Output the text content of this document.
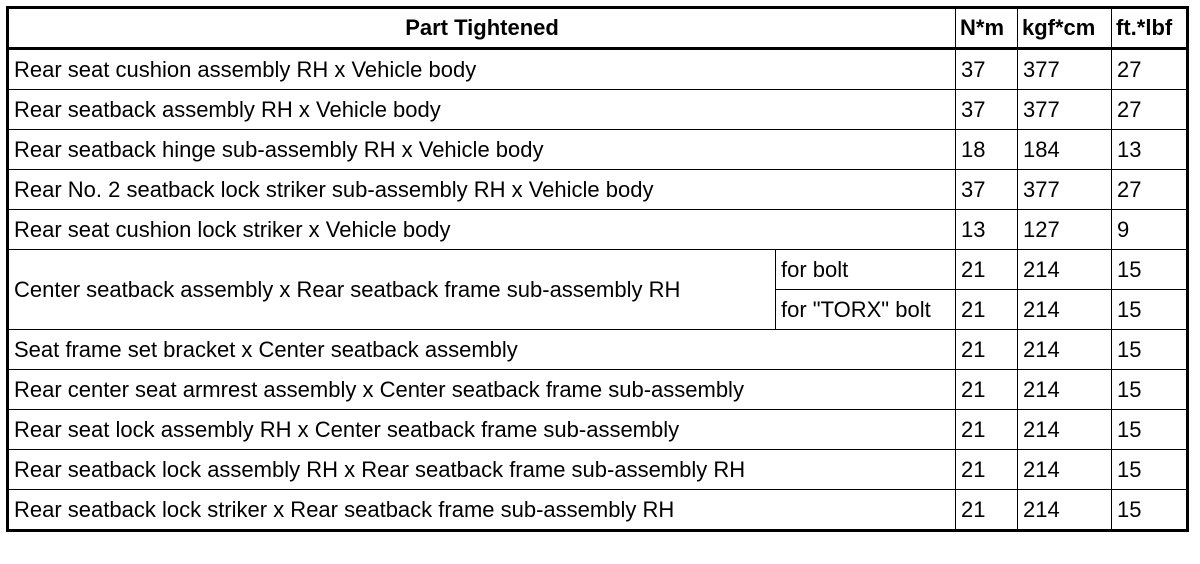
Part Tightened		N*m	kgf*cm	ft.*lbf
Rear seat cushion assembly RH x Vehicle body		37	377	27
Rear seatback assembly RH x Vehicle body		37	377	27
Rear seatback hinge sub-assembly RH x Vehicle body		18	184	13
Rear No. 2 seatback lock striker sub-assembly RH x Vehicle body		37	377	27
Rear seat cushion lock striker x Vehicle body		13	127	9
Center seatback assembly x Rear seatback frame sub-assembly RH	for bolt	21	214	15
	for "TORX" bolt	21	214	15
Seat frame set bracket x Center seatback assembly		21	214	15
Rear center seat armrest assembly x Center seatback frame sub-assembly		21	214	15
Rear seat lock assembly RH x Center seatback frame sub-assembly		21	214	15
Rear seatback lock assembly RH x Rear seatback frame sub-assembly RH		21	214	15
Rear seatback lock striker x Rear seatback frame sub-assembly RH		21	214	15
